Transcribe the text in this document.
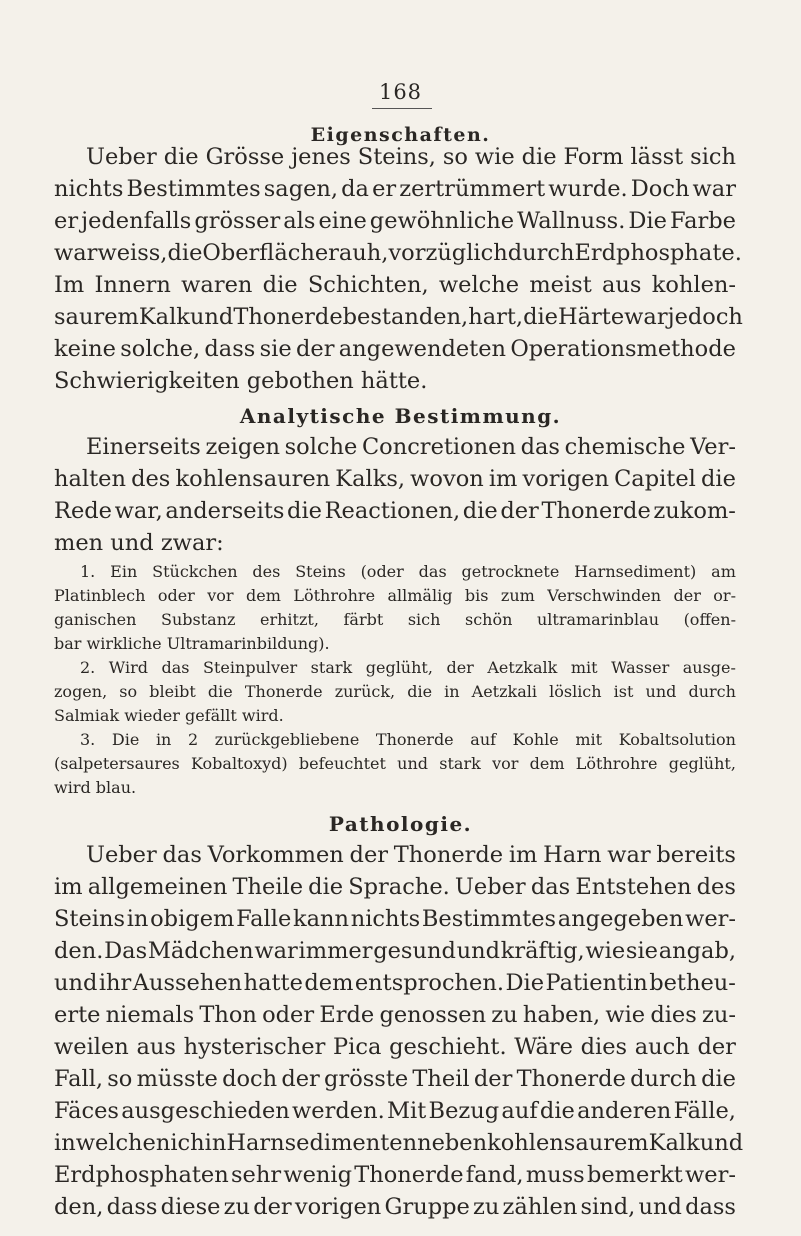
168
Eigenschaften.
Ueber die Grösse jenes Steins, so wie die Form lässt sich
nichts Bestimmtes sagen, da er zertrümmert wurde. Doch war
er jedenfalls grösser als eine gewöhnliche Wallnuss. Die Farbe
war weiss, die Oberfläche rauh, vorzüglich durch Erdphosphate.
Im Innern waren die Schichten, welche meist aus kohlen-
saurem Kalk und Thonerde bestanden, hart, die Härte war jedoch
keine solche, dass sie der angewendeten Operationsmethode
Schwierigkeiten gebothen hätte.
Analytische Bestimmung.
Einerseits zeigen solche Concretionen das chemische Ver-
halten des kohlensauren Kalks, wovon im vorigen Capitel die
Rede war, anderseits die Reactionen, die der Thonerde zukom-
men und zwar:
1. Ein Stückchen des Steins (oder das getrocknete Harnsediment) am
Platinblech oder vor dem Löthrohre allmälig bis zum Verschwinden der or-
ganischen Substanz erhitzt, färbt sich schön ultramarinblau (offen-
bar wirkliche Ultramarinbildung).
2. Wird das Steinpulver stark geglüht, der Aetzkalk mit Wasser ausge-
zogen, so bleibt die Thonerde zurück, die in Aetzkali löslich ist und durch
Salmiak wieder gefällt wird.
3. Die in 2 zurückgebliebene Thonerde auf Kohle mit Kobaltsolution
(salpetersaures Kobaltoxyd) befeuchtet und stark vor dem Löthrohre geglüht,
wird blau.
Pathologie.
Ueber das Vorkommen der Thonerde im Harn war bereits
im allgemeinen Theile die Sprache. Ueber das Entstehen des
Steins in obigem Falle kann nichts Bestimmtes angegeben wer-
den. Das Mädchen war immer gesund und kräftig, wie sie angab,
und ihr Aussehen hatte dem entsprochen. Die Patientin betheu-
erte niemals Thon oder Erde genossen zu haben, wie dies zu-
weilen aus hysterischer Pica geschieht. Wäre dies auch der
Fall, so müsste doch der grösste Theil der Thonerde durch die
Fäces ausgeschieden werden. Mit Bezug auf die anderen Fälle,
in welchen ich in Harnsedimenten neben kohlensaurem Kalk und
Erdphosphaten sehr wenig Thonerde fand, muss bemerkt wer-
den, dass diese zu der vorigen Gruppe zu zählen sind, und dass
